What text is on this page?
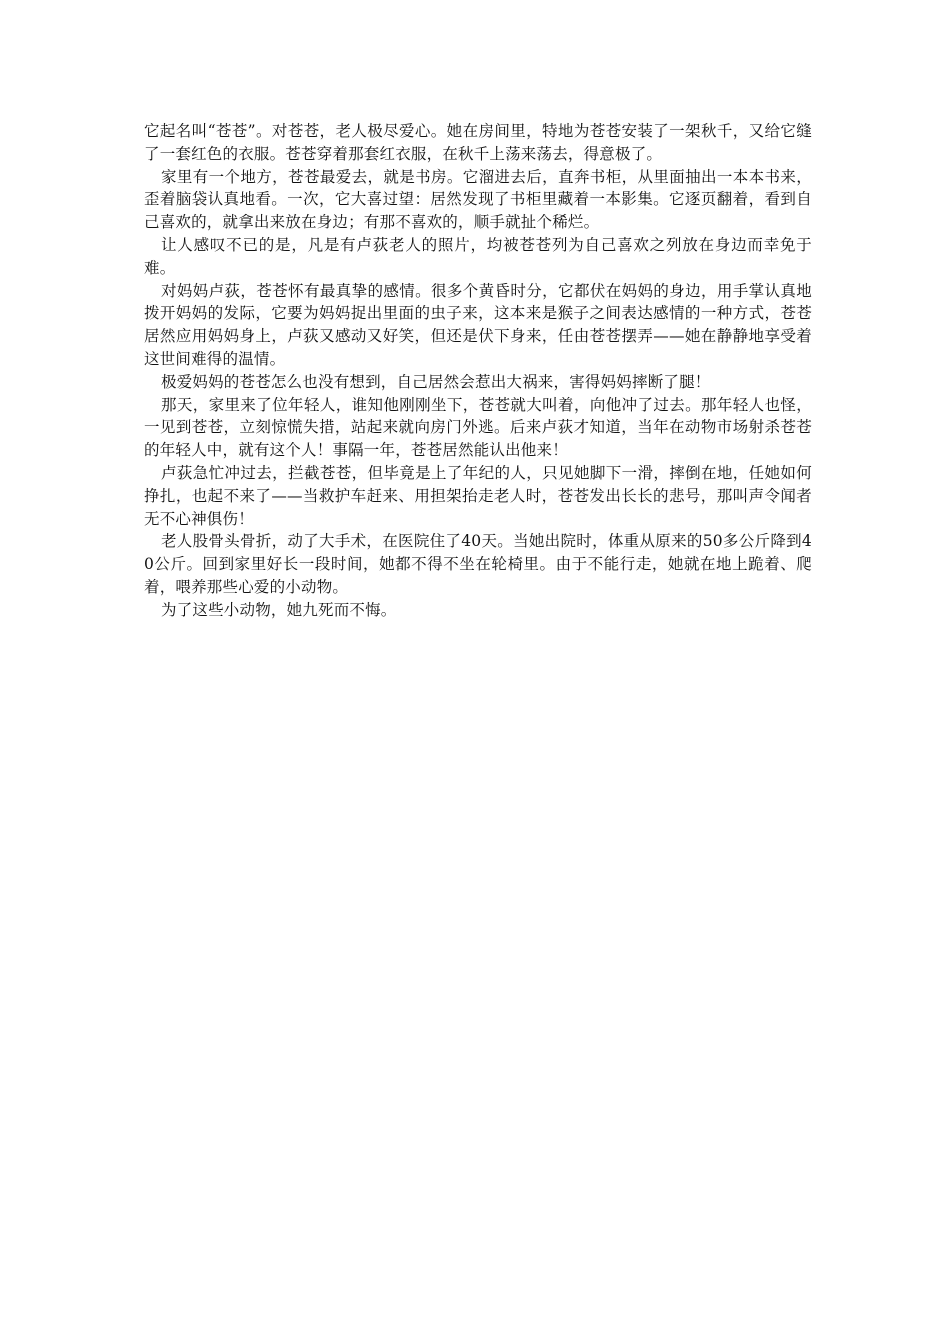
它起名叫“苍苍”。对苍苍，老人极尽爱心。她在房间里，特地为苍苍安装了一架秋千，又给它缝了一套红色的衣服。苍苍穿着那套红衣服，在秋千上荡来荡去，得意极了。

家里有一个地方，苍苍最爱去，就是书房。它溜进去后，直奔书柜，从里面抽出一本本书来，歪着脑袋认真地看。一次，它大喜过望：居然发现了书柜里藏着一本影集。它逐页翻着，看到自己喜欢的，就拿出来放在身边；有那不喜欢的，顺手就扯个稀烂。

让人感叹不已的是，凡是有卢荻老人的照片，均被苍苍列为自己喜欢之列放在身边而幸免于难。

对妈妈卢荻，苍苍怀有最真挚的感情。很多个黄昏时分，它都伏在妈妈的身边，用手掌认真地拨开妈妈的发际，它要为妈妈捉出里面的虫子来，这本来是猴子之间表达感情的一种方式，苍苍居然应用妈妈身上，卢荻又感动又好笑，但还是伏下身来，任由苍苍摆弄——她在静静地享受着这世间难得的温情。

极爱妈妈的苍苍怎么也没有想到，自己居然会惹出大祸来，害得妈妈摔断了腿！

那天，家里来了位年轻人，谁知他刚刚坐下，苍苍就大叫着，向他冲了过去。那年轻人也怪，一见到苍苍，立刻惊慌失措，站起来就向房门外逃。后来卢荻才知道，当年在动物市场射杀苍苍的年轻人中，就有这个人！事隔一年，苍苍居然能认出他来！

卢荻急忙冲过去，拦截苍苍，但毕竟是上了年纪的人，只见她脚下一滑，摔倒在地，任她如何挣扎，也起不来了——当救护车赶来、用担架抬走老人时，苍苍发出长长的悲号，那叫声令闻者无不心神俱伤！

老人股骨头骨折，动了大手术，在医院住了40天。当她出院时，体重从原来的50多公斤降到40公斤。回到家里好长一段时间，她都不得不坐在轮椅里。由于不能行走，她就在地上跪着、爬着，喂养那些心爱的小动物。

为了这些小动物，她九死而不悔。
